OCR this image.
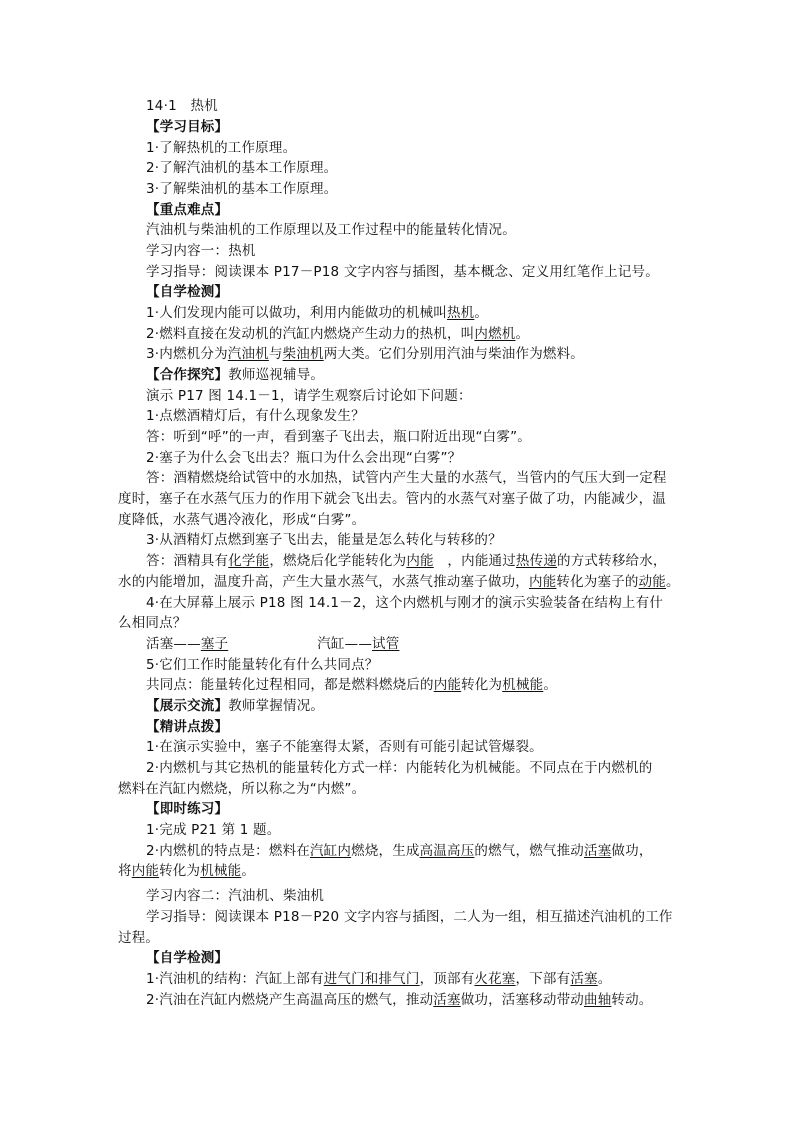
14·1　热机
【学习目标】
1·了解热机的工作原理。
2·了解汽油机的基本工作原理。
3·了解柴油机的基本工作原理。
【重点难点】
汽油机与柴油机的工作原理以及工作过程中的能量转化情况。
学习内容一：热机
学习指导：阅读课本 P17－P18 文字内容与插图，基本概念、定义用红笔作上记号。
【自学检测】
1·人们发现内能可以做功，利用内能做功的机械叫热机。
2·燃料直接在发动机的汽缸内燃烧产生动力的热机，叫内燃机。
3·内燃机分为汽油机与柴油机两大类。它们分别用汽油与柴油作为燃料。
【合作探究】教师巡视辅导。
演示 P17 图 14.1－1，请学生观察后讨论如下问题：
1·点燃酒精灯后，有什么现象发生？
答：听到“呼”的一声，看到塞子飞出去，瓶口附近出现“白雾”。
2·塞子为什么会飞出去？瓶口为什么会出现“白雾”？
答：酒精燃烧给试管中的水加热，试管内产生大量的水蒸气，当管内的气压大到一定程
度时，塞子在水蒸气压力的作用下就会飞出去。管内的水蒸气对塞子做了功，内能减少，温
度降低，水蒸气遇冷液化，形成“白雾”。
3·从酒精灯点燃到塞子飞出去，能量是怎么转化与转移的？
答：酒精具有化学能，燃烧后化学能转化为内能　，内能通过热传递的方式转移给水，
水的内能增加，温度升高，产生大量水蒸气，水蒸气推动塞子做功，内能转化为塞子的动能。
4·在大屏幕上展示 P18 图 14.1－2，这个内燃机与刚才的演示实验装备在结构上有什
么相同点？
活塞——塞子	汽缸——试管
5·它们工作时能量转化有什么共同点？
共同点：能量转化过程相同，都是燃料燃烧后的内能转化为机械能。
【展示交流】教师掌握情况。
【精讲点拨】
1·在演示实验中，塞子不能塞得太紧，否则有可能引起试管爆裂。
2·内燃机与其它热机的能量转化方式一样：内能转化为机械能。不同点在于内燃机的
燃料在汽缸内燃烧，所以称之为“内燃”。
【即时练习】
1·完成 P21 第 1 题。
2·内燃机的特点是：燃料在汽缸内燃烧，生成高温高压的燃气，燃气推动活塞做功，
将内能转化为机械能。
学习内容二：汽油机、柴油机
学习指导：阅读课本 P18－P20 文字内容与插图，二人为一组，相互描述汽油机的工作
过程。
【自学检测】
1·汽油机的结构：汽缸上部有进气门和排气门，顶部有火花塞，下部有活塞。
2·汽油在汽缸内燃烧产生高温高压的燃气，推动活塞做功，活塞移动带动曲轴转动。
